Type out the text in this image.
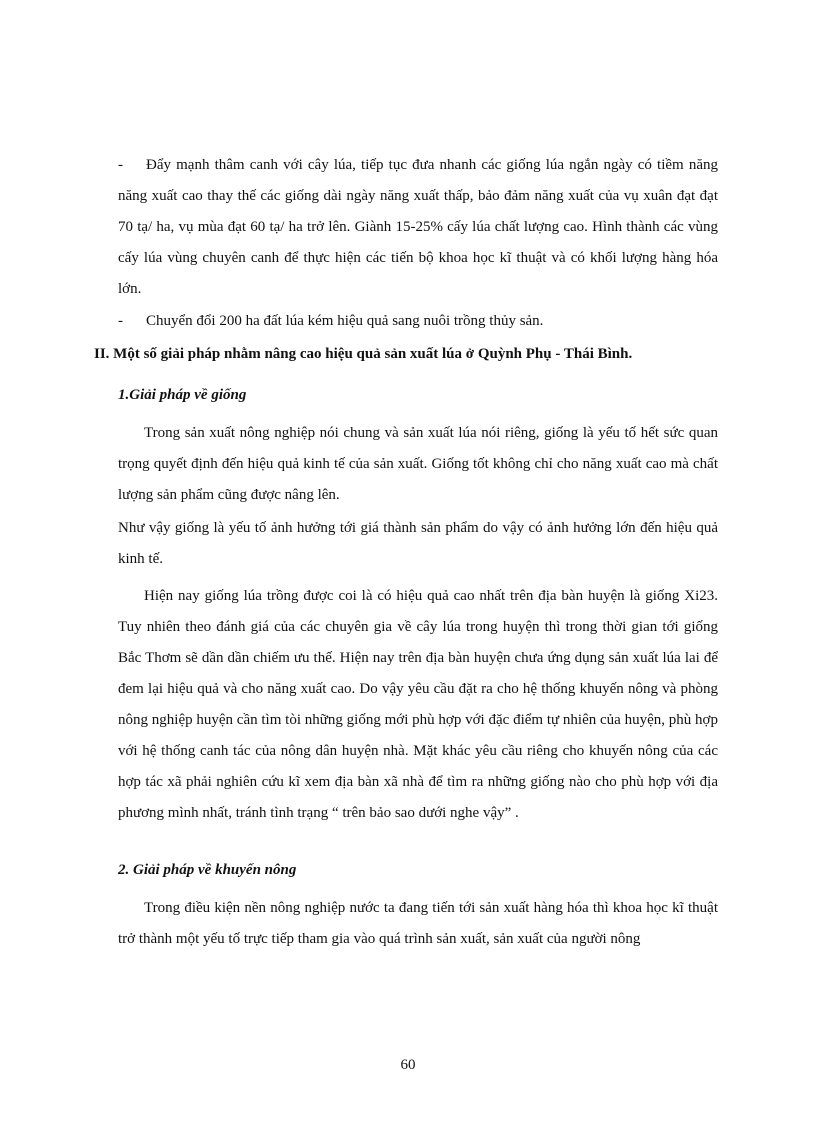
- Đẩy mạnh thâm canh với cây lúa, tiếp tục đưa nhanh các giống lúa ngắn ngày có tiềm năng năng xuất cao thay thế các giống dài ngày năng xuất thấp, bảo đảm năng xuất của vụ xuân đạt đạt 70 tạ/ ha, vụ mùa đạt 60 tạ/ ha trở lên. Giành 15-25% cấy lúa chất lượng cao. Hình thành các vùng cấy lúa vùng chuyên canh để thực hiện các tiến bộ khoa học kĩ thuật và có khối lượng hàng hóa lớn.

- Chuyển đổi 200 ha đất lúa kém hiệu quả sang nuôi trồng thủy sản.

II. Một số giải pháp nhằm nâng cao hiệu quả sản xuất lúa ở Quỳnh Phụ - Thái Bình.

1.Giải pháp về giống

Trong sản xuất nông nghiệp nói chung và sản xuất lúa nói riêng, giống là yếu tố hết sức quan trọng quyết định đến hiệu quả kinh tế của sản xuất. Giống tốt không chỉ cho năng xuất cao mà chất lượng sản phẩm cũng được nâng lên.

Như vậy giống là yếu tố ảnh hưởng tới giá thành sản phẩm do vậy có ảnh hưởng lớn đến hiệu quả kinh tế.

Hiện nay giống lúa trồng được coi là có hiệu quả cao nhất trên địa bàn huyện là giống Xi23. Tuy nhiên theo đánh giá của các chuyên gia về cây lúa trong huyện thì trong thời gian tới giống Bắc Thơm sẽ dần dần chiếm ưu thế. Hiện nay trên địa bàn huyện chưa ứng dụng sản xuất lúa lai để đem lại hiệu quả và cho năng xuất cao. Do vậy yêu cầu đặt ra cho hệ thống khuyến nông và phòng nông nghiệp huyện cần tìm tòi những giống mới phù hợp với đặc điểm tự nhiên của huyện, phù hợp với hệ thống canh tác của nông dân huyện nhà. Mặt khác yêu cầu riêng cho khuyến nông của các hợp tác xã phải nghiên cứu kĩ xem địa bàn xã nhà để tìm ra những giống nào cho phù hợp với địa phương mình nhất, tránh tình trạng “ trên bảo sao dưới nghe vậy” .

2. Giải pháp về khuyến nông

Trong điều kiện nền nông nghiệp nước ta đang tiến tới sản xuất hàng hóa thì khoa học kĩ thuật trở thành một yếu tố trực tiếp tham gia vào quá trình sản xuất, sản xuất của người nông

60
